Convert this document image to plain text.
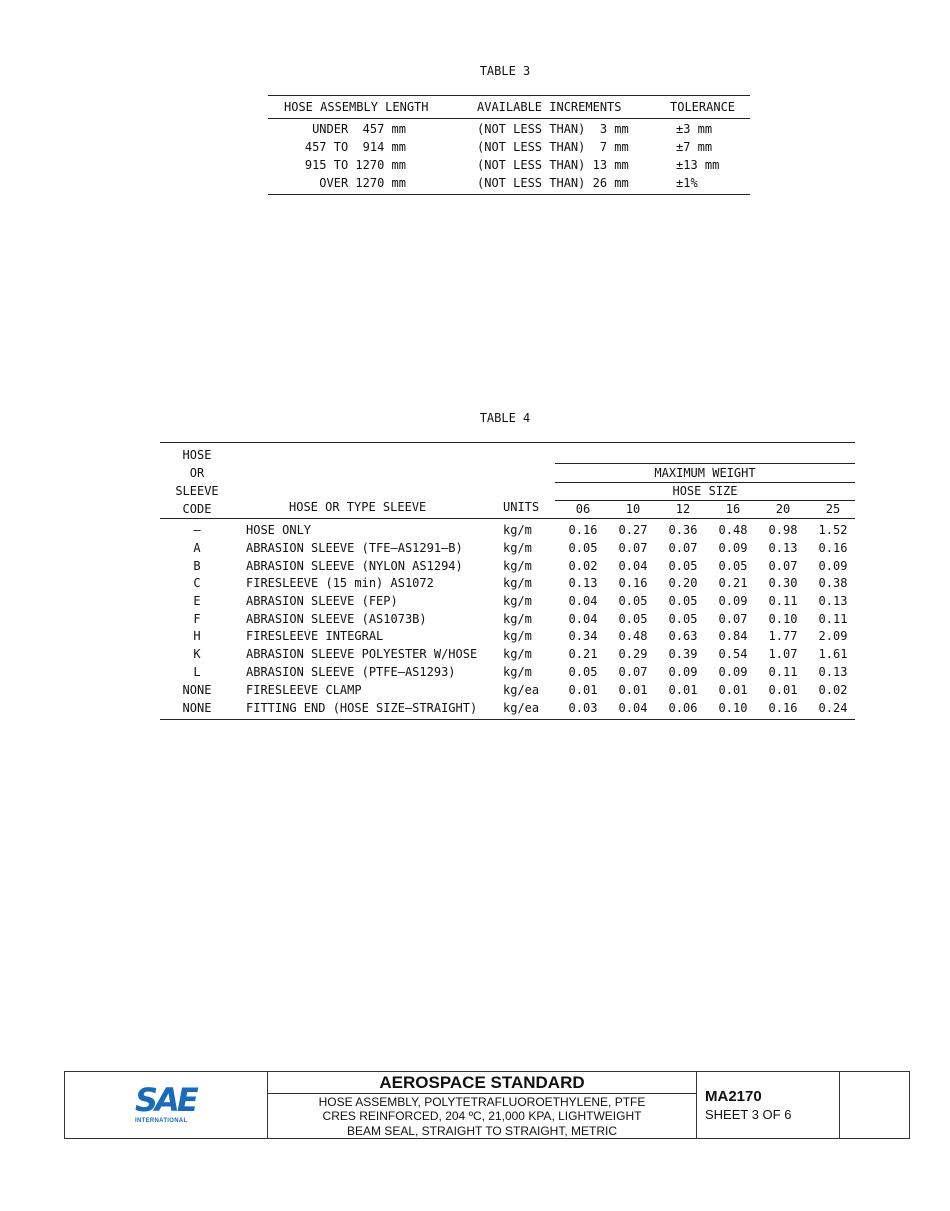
TABLE 3
HOSE ASSEMBLY LENGTH	AVAILABLE INCREMENTS	TOLERANCE
UNDER  457 mm	(NOT LESS THAN)  3 mm	±3 mm
457 TO  914 mm	(NOT LESS THAN)  7 mm	±7 mm
915 TO 1270 mm	(NOT LESS THAN) 13 mm	±13 mm
OVER 1270 mm	(NOT LESS THAN) 26 mm	±1%
TABLE 4
HOSE
OR
SLEEVE
CODE	HOSE OR TYPE SLEEVE	UNITS
MAXIMUM WEIGHT
HOSE SIZE
06	10	12	16	20	25
–	HOSE ONLY	kg/m	0.16	0.27	0.36	0.48	0.98	1.52
A	ABRASION SLEEVE (TFE–AS1291–B)	kg/m	0.05	0.07	0.07	0.09	0.13	0.16
B	ABRASION SLEEVE (NYLON AS1294)	kg/m	0.02	0.04	0.05	0.05	0.07	0.09
C	FIRESLEEVE (15 min) AS1072	kg/m	0.13	0.16	0.20	0.21	0.30	0.38
E	ABRASION SLEEVE (FEP)	kg/m	0.04	0.05	0.05	0.09	0.11	0.13
F	ABRASION SLEEVE (AS1073B)	kg/m	0.04	0.05	0.05	0.07	0.10	0.11
H	FIRESLEEVE INTEGRAL	kg/m	0.34	0.48	0.63	0.84	1.77	2.09
K	ABRASION SLEEVE POLYESTER W/HOSE kg/m	0.21	0.29	0.39	0.54	1.07	1.61
L	ABRASION SLEEVE (PTFE–AS1293)	kg/m	0.05	0.07	0.09	0.09	0.11	0.13
NONE	FIRESLEEVE CLAMP	kg/ea	0.01	0.01	0.01	0.01	0.01	0.02
NONE	FITTING END (HOSE SIZE–STRAIGHT) kg/ea	0.03	0.04	0.06	0.10	0.16	0.24
SAE
INTERNATIONAL
AEROSPACE STANDARD
HOSE ASSEMBLY, POLYTETRAFLUOROETHYLENE, PTFE
CRES REINFORCED, 204 ºC, 21,000 KPA, LIGHTWEIGHT
BEAM SEAL, STRAIGHT TO STRAIGHT, METRIC
MA2170
SHEET 3 OF 6
